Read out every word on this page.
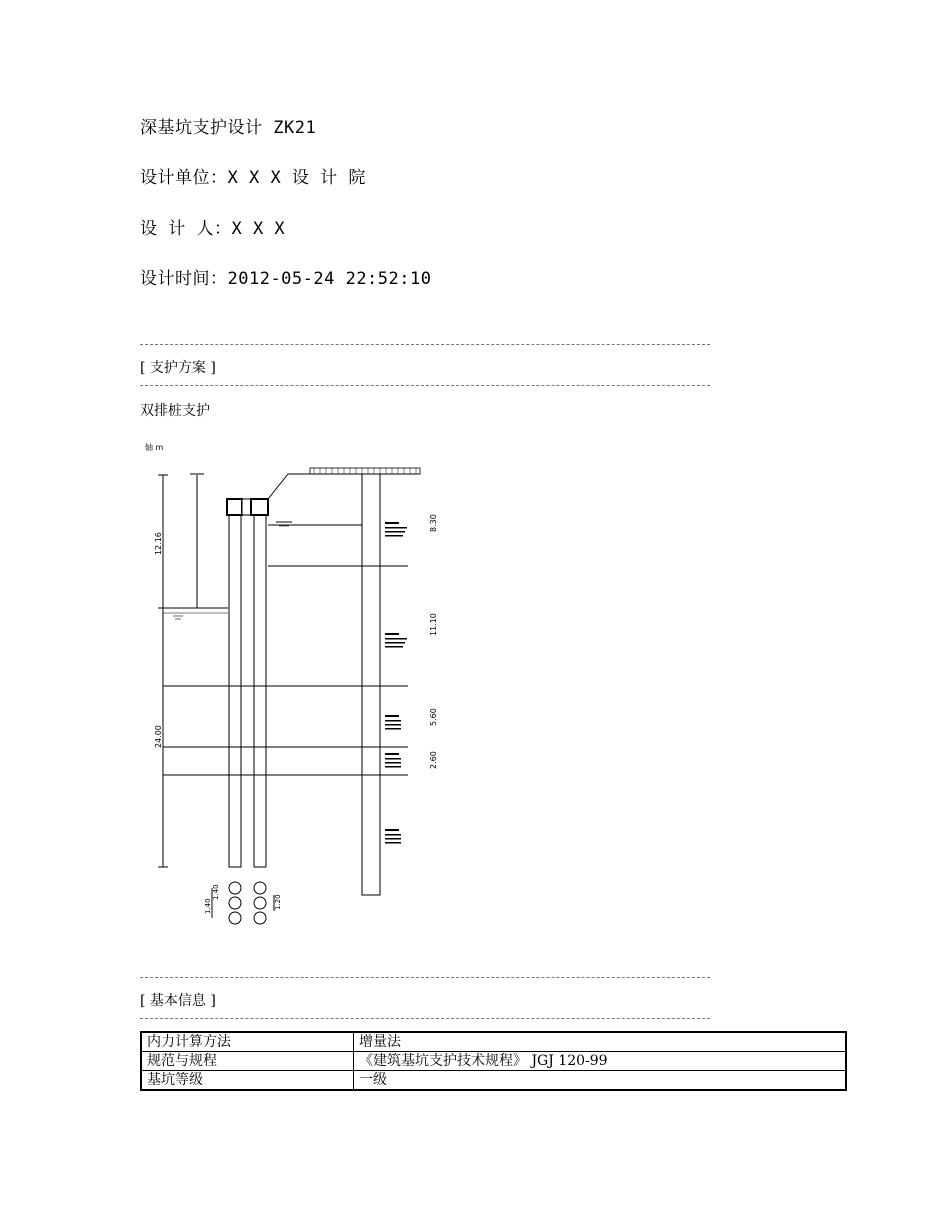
深基坑支护设计 ZK21
设计单位：X X X 设 计 院
设 计 人：X X X
设计时间：2012-05-24 22:52:10
[ 支护方案 ]
双排桩支护
轴 m
12.16
24.00
8.30
11.10
5.60
2.60
1.40
1.40
1.20
[ 基本信息 ]
内力计算方法	增量法
规范与规程	《建筑基坑支护技术规程》 JGJ 120-99
基坑等级	一级
